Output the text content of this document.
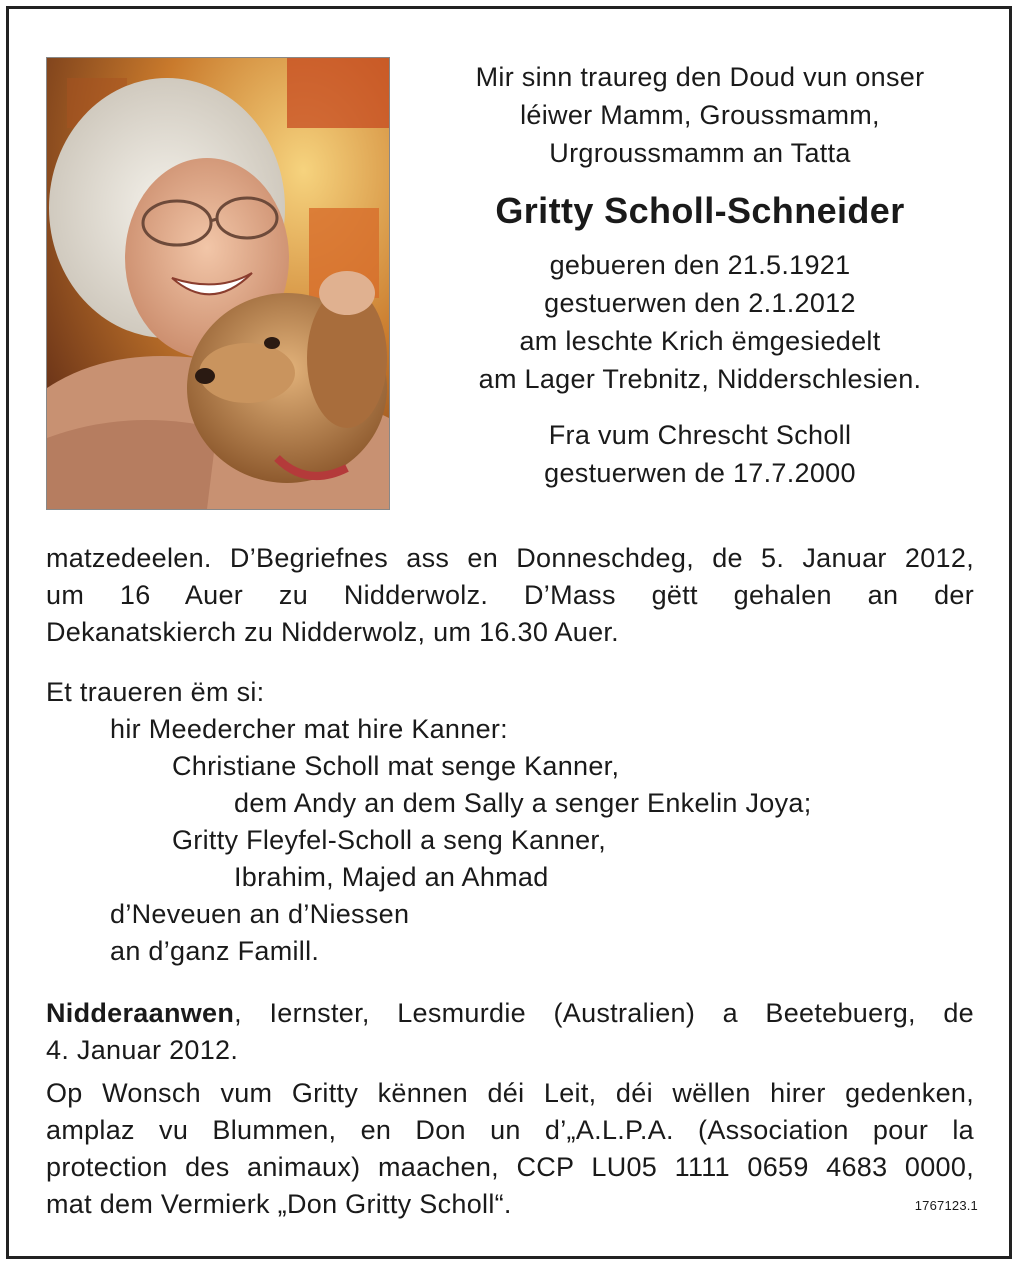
Mir sinn traureg den Doud vun onser
léiwer Mamm, Groussmamm,
Urgroussmamm an Tatta
Gritty Scholl-Schneider
gebueren den 21.5.1921
gestuerwen den 2.1.2012
am leschte Krich ëmgesiedelt
am Lager Trebnitz, Nidderschlesien.
Fra vum Chrescht Scholl
gestuerwen de 17.7.2000
matzedeelen. D’Begriefnes ass en Donneschdeg, de 5. Januar 2012,
um 16 Auer zu Nidderwolz. D’Mass gëtt gehalen an der
Dekanatskierch zu Nidderwolz, um 16.30 Auer.
Et traueren ëm si:
hir Meedercher mat hire Kanner:
Christiane Scholl mat senge Kanner,
dem Andy an dem Sally a senger Enkelin Joya;
Gritty Fleyfel-Scholl a seng Kanner,
Ibrahim, Majed an Ahmad
d’Neveuen an d’Niessen
an d’ganz Famill.
Nidderaanwen, Iernster, Lesmurdie (Australien) a Beetebuerg, de
4. Januar 2012.
Op Wonsch vum Gritty kënnen déi Leit, déi wëllen hirer gedenken,
amplaz vu Blummen, en Don un d’„A.L.P.A. (Association pour la
protection des animaux) maachen, CCP LU05 1111 0659 4683 0000,
mat dem Vermierk „Don Gritty Scholl“.	1767123.1
